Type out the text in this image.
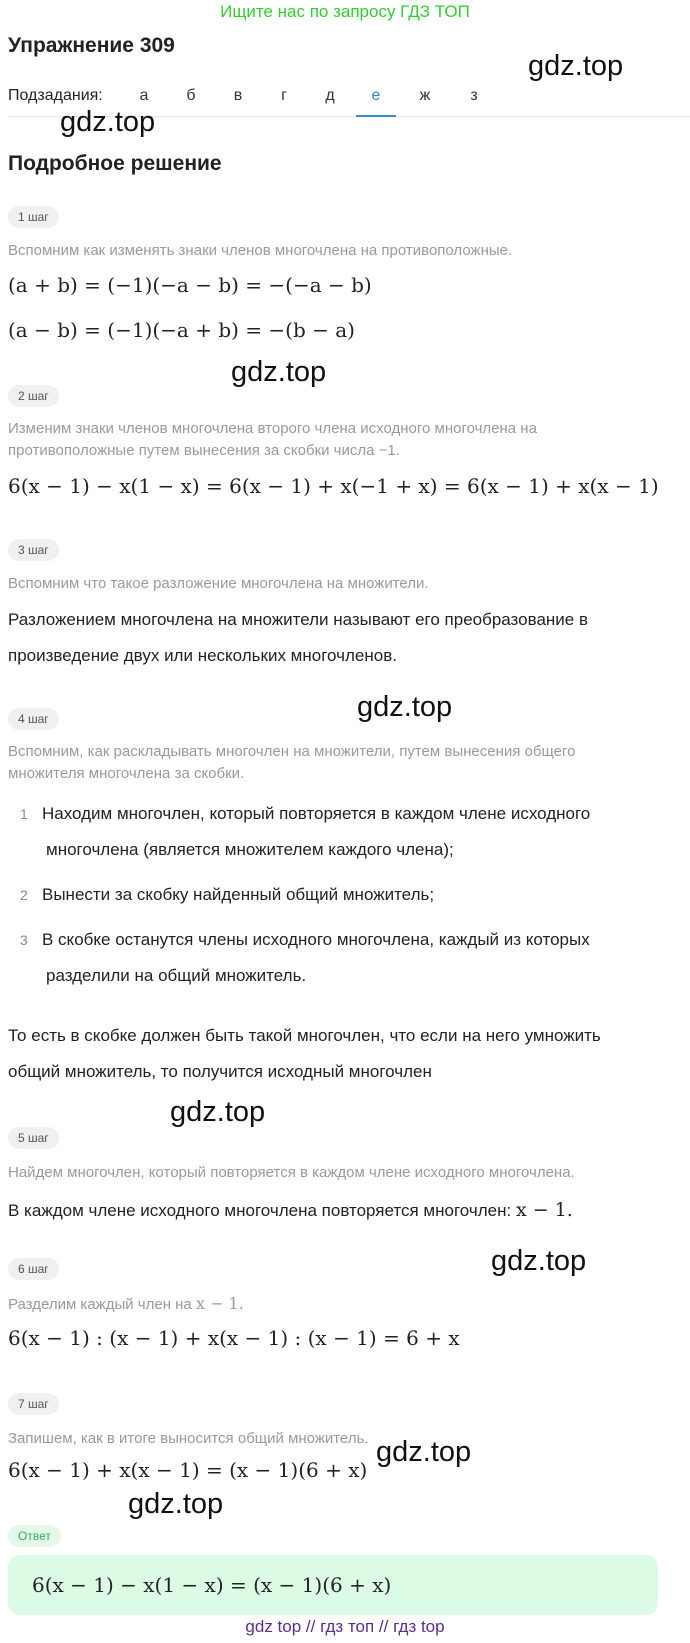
Ищите нас по запросу ГДЗ ТОП
Упражнение 309
gdz.top
Подзадания:	а	б	в	г	д	е	ж	з
gdz.top
Подробное решение
1 шаг
Вспомним как изменять знаки членов многочлена на противоположные.
(a + b) = (−1)(−a − b) = −(−a − b)
(a − b) = (−1)(−a + b) = −(b − a)
gdz.top
2 шаг
Изменим знаки членов многочлена второго члена исходного многочлена на противоположные путем вынесения за скобки числа −1.
6(x − 1) − x(1 − x) = 6(x − 1) + x(−1 + x) = 6(x − 1) + x(x − 1)
3 шаг
Вспомним что такое разложение многочлена на множители.
Разложением многочлена на множители называют его преобразование в произведение двух или нескольких многочленов.
gdz.top
4 шаг
Вспомним, как раскладывать многочлен на множители, путем вынесения общего множителя многочлена за скобки.
1 Находим многочлен, который повторяется в каждом члене исходного
многочлена (является множителем каждого члена);
2 Вынести за скобку найденный общий множитель;
3 В скобке останутся члены исходного многочлена, каждый из которых
разделили на общий множитель.
То есть в скобке должен быть такой многочлен, что если на него умножить общий множитель, то получится исходный многочлен
gdz.top
5 шаг
Найдем многочлен, который повторяется в каждом члене исходного многочлена.
В каждом члене исходного многочлена повторяется многочлен: x − 1.
gdz.top
6 шаг
Разделим каждый член на x − 1.
6(x − 1) : (x − 1) + x(x − 1) : (x − 1) = 6 + x
7 шаг
Запишем, как в итоге выносится общий множитель.
6(x − 1) + x(x − 1) = (x − 1)(6 + x)
gdz.top
gdz.top
Ответ
6(x − 1) − x(1 − x) = (x − 1)(6 + x)
gdz top // гдз топ // гдз top
